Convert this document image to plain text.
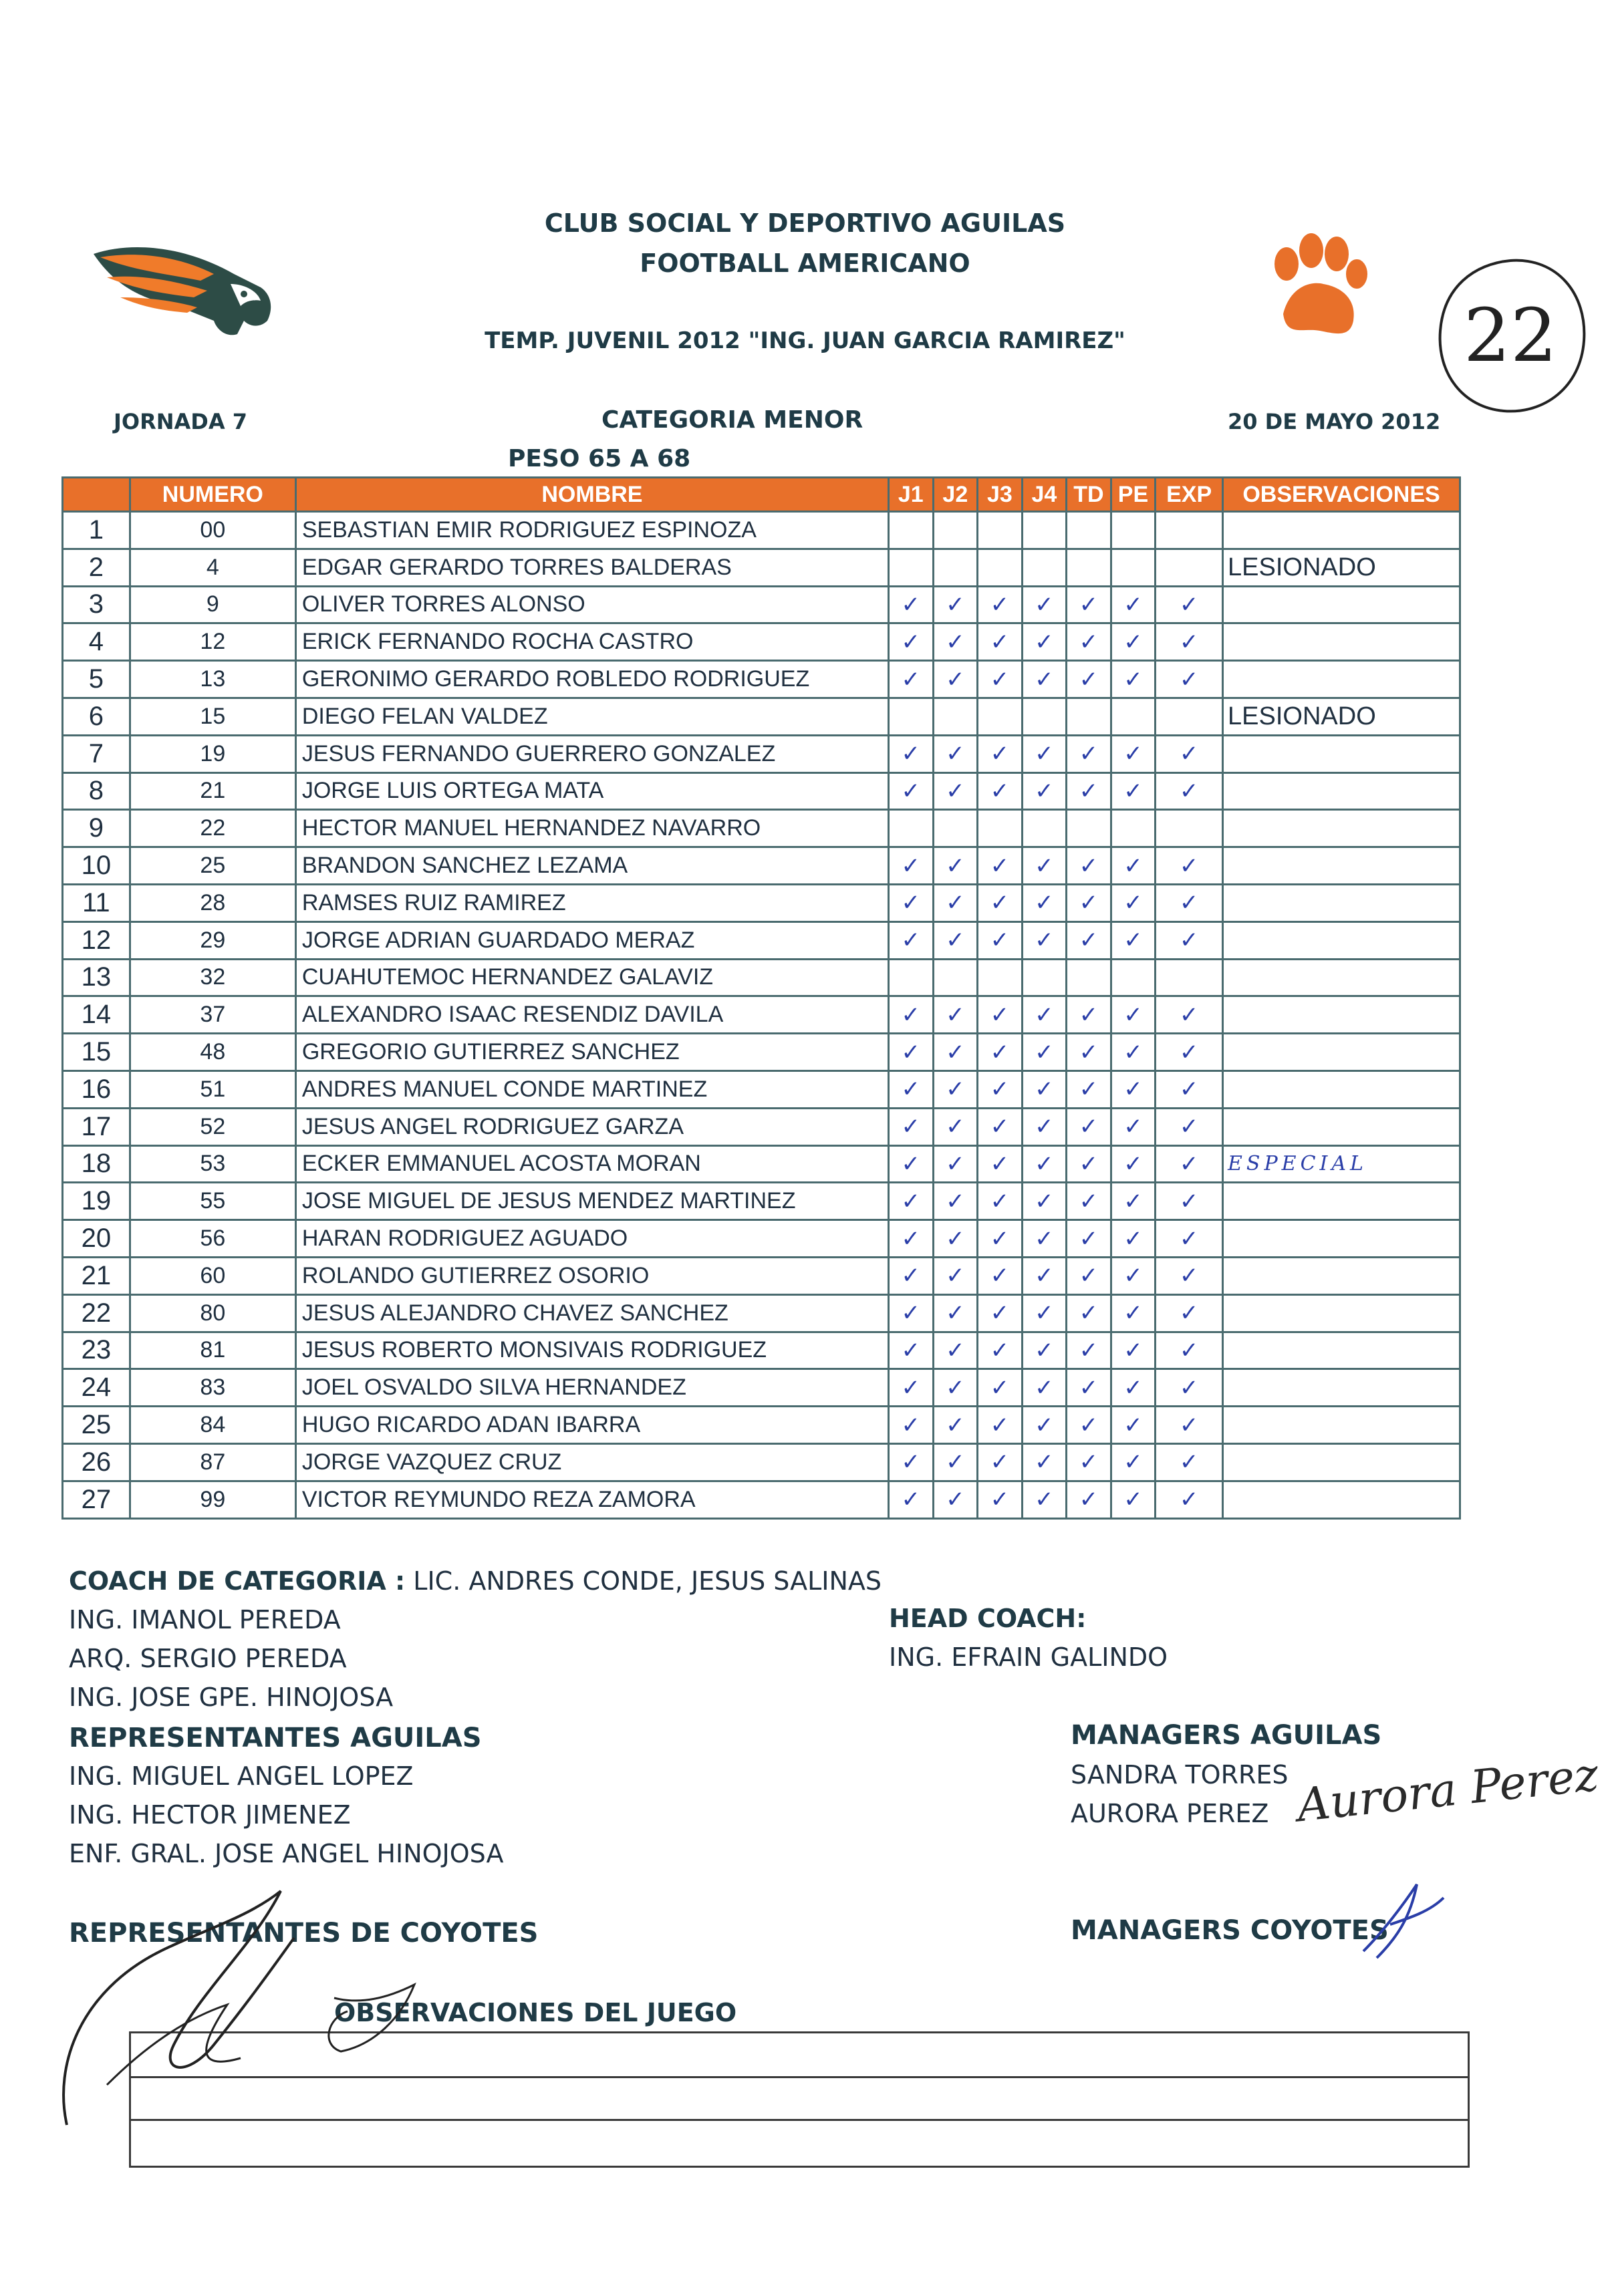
22
CLUB SOCIAL Y DEPORTIVO AGUILAS
FOOTBALL AMERICANO
TEMP. JUVENIL 2012 "ING. JUAN GARCIA RAMIREZ"
JORNADA 7	CATEGORIA MENOR	20 DE MAYO 2012
PESO 65 A 68
	NUMERO	NOMBRE	J1	J2	J3	J4	TD	PE	EXP	OBSERVACIONES
1	00	SEBASTIAN EMIR RODRIGUEZ ESPINOZA								
2	4	EDGAR GERARDO TORRES BALDERAS								LESIONADO
3	9	OLIVER TORRES ALONSO	✓	✓	✓	✓	✓	✓	✓	
4	12	ERICK FERNANDO ROCHA CASTRO	✓	✓	✓	✓	✓	✓	✓	
5	13	GERONIMO GERARDO ROBLEDO RODRIGUEZ	✓	✓	✓	✓	✓	✓	✓	
6	15	DIEGO FELAN VALDEZ								LESIONADO
7	19	JESUS FERNANDO GUERRERO GONZALEZ	✓	✓	✓	✓	✓	✓	✓	
8	21	JORGE LUIS ORTEGA MATA	✓	✓	✓	✓	✓	✓	✓	
9	22	HECTOR MANUEL HERNANDEZ NAVARRO								
10	25	BRANDON SANCHEZ LEZAMA	✓	✓	✓	✓	✓	✓	✓	
11	28	RAMSES RUIZ RAMIREZ	✓	✓	✓	✓	✓	✓	✓	
12	29	JORGE ADRIAN GUARDADO MERAZ	✓	✓	✓	✓	✓	✓	✓	
13	32	CUAHUTEMOC HERNANDEZ GALAVIZ								
14	37	ALEXANDRO ISAAC RESENDIZ DAVILA	✓	✓	✓	✓	✓	✓	✓	
15	48	GREGORIO GUTIERREZ SANCHEZ	✓	✓	✓	✓	✓	✓	✓	
16	51	ANDRES MANUEL CONDE MARTINEZ	✓	✓	✓	✓	✓	✓	✓	
17	52	JESUS ANGEL RODRIGUEZ GARZA	✓	✓	✓	✓	✓	✓	✓	
18	53	ECKER EMMANUEL ACOSTA MORAN	✓	✓	✓	✓	✓	✓	✓	ESPECIAL
19	55	JOSE MIGUEL DE JESUS MENDEZ MARTINEZ	✓	✓	✓	✓	✓	✓	✓	
20	56	HARAN RODRIGUEZ AGUADO	✓	✓	✓	✓	✓	✓	✓	
21	60	ROLANDO GUTIERREZ OSORIO	✓	✓	✓	✓	✓	✓	✓	
22	80	JESUS ALEJANDRO CHAVEZ SANCHEZ	✓	✓	✓	✓	✓	✓	✓	
23	81	JESUS ROBERTO MONSIVAIS RODRIGUEZ	✓	✓	✓	✓	✓	✓	✓	
24	83	JOEL OSVALDO SILVA HERNANDEZ	✓	✓	✓	✓	✓	✓	✓	
25	84	HUGO RICARDO ADAN IBARRA	✓	✓	✓	✓	✓	✓	✓	
26	87	JORGE VAZQUEZ CRUZ	✓	✓	✓	✓	✓	✓	✓	
27	99	VICTOR REYMUNDO REZA ZAMORA	✓	✓	✓	✓	✓	✓	✓	
COACH DE CATEGORIA : LIC. ANDRES CONDE, JESUS SALINAS
ING. IMANOL PEREDA
ARQ. SERGIO PEREDA
ING. JOSE GPE. HINOJOSA
HEAD COACH:
ING. EFRAIN GALINDO
REPRESENTANTES AGUILAS
ING. MIGUEL ANGEL LOPEZ
ING. HECTOR JIMENEZ
ENF. GRAL. JOSE ANGEL HINOJOSA
MANAGERS AGUILAS
SANDRA TORRES
AURORA PEREZ Aurora Perez
REPRESENTANTES DE COYOTES	MANAGERS COYOTES
OBSERVACIONES DEL JUEGO
